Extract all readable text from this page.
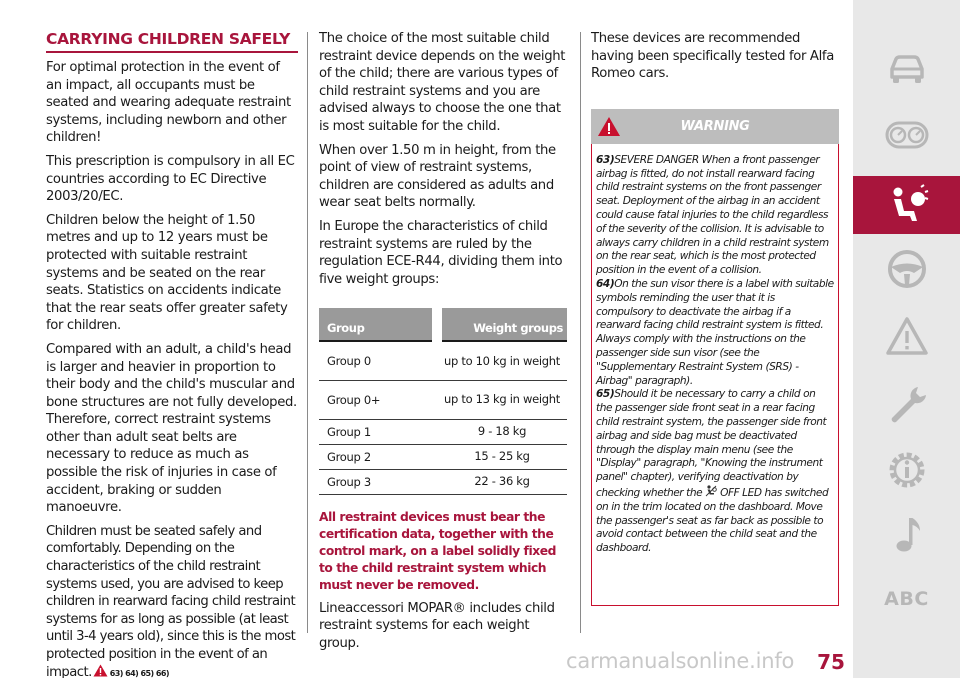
CARRYING CHILDREN SAFELY

For optimal protection in the event of an impact, all occupants must be seated and wearing adequate restraint systems, including newborn and other children!

This prescription is compulsory in all EC countries according to EC Directive 2003/20/EC.

Children below the height of 1.50 metres and up to 12 years must be protected with suitable restraint systems and be seated on the rear seats. Statistics on accidents indicate that the rear seats offer greater safety for children.

Compared with an adult, a child's head is larger and heavier in proportion to their body and the child's muscular and bone structures are not fully developed. Therefore, correct restraint systems other than adult seat belts are necessary to reduce as much as possible the risk of injuries in case of accident, braking or sudden manoeuvre.

Children must be seated safely and comfortably. Depending on the characteristics of the child restraint systems used, you are advised to keep children in rearward facing child restraint systems for as long as possible (at least until 3-4 years old), since this is the most protected position in the event of an impact. 63) 64) 65) 66)

The choice of the most suitable child restraint device depends on the weight of the child; there are various types of child restraint systems and you are advised always to choose the one that is most suitable for the child.

When over 1.50 m in height, from the point of view of restraint systems, children are considered as adults and wear seat belts normally.

In Europe the characteristics of child restraint systems are ruled by the regulation ECE-R44, dividing them into five weight groups:

Group	Weight groups
Group 0	up to 10 kg in weight
Group 0+	up to 13 kg in weight
Group 1	9 - 18 kg
Group 2	15 - 25 kg
Group 3	22 - 36 kg

All restraint devices must bear the certification data, together with the control mark, on a label solidly fixed to the child restraint system which must never be removed.

Lineaccessori MOPAR® includes child restraint systems for each weight group.

These devices are recommended having been specifically tested for Alfa Romeo cars.

WARNING

63)SEVERE DANGER When a front passenger airbag is fitted, do not install rearward facing child restraint systems on the front passenger seat. Deployment of the airbag in an accident could cause fatal injuries to the child regardless of the severity of the collision. It is advisable to always carry children in a child restraint system on the rear seat, which is the most protected position in the event of a collision.

64)On the sun visor there is a label with suitable symbols reminding the user that it is compulsory to deactivate the airbag if a rearward facing child restraint system is fitted. Always comply with the instructions on the passenger side sun visor (see the "Supplementary Restraint System (SRS) - Airbag" paragraph).

65)Should it be necessary to carry a child on the passenger side front seat in a rear facing child restraint system, the passenger side front airbag and side bag must be deactivated through the display main menu (see the "Display" paragraph, "Knowing the instrument panel" chapter), verifying deactivation by checking whether the OFF LED has switched on in the trim located on the dashboard. Move the passenger's seat as far back as possible to avoid contact between the child seat and the dashboard.

ABC
carmanualsonline.info 75
